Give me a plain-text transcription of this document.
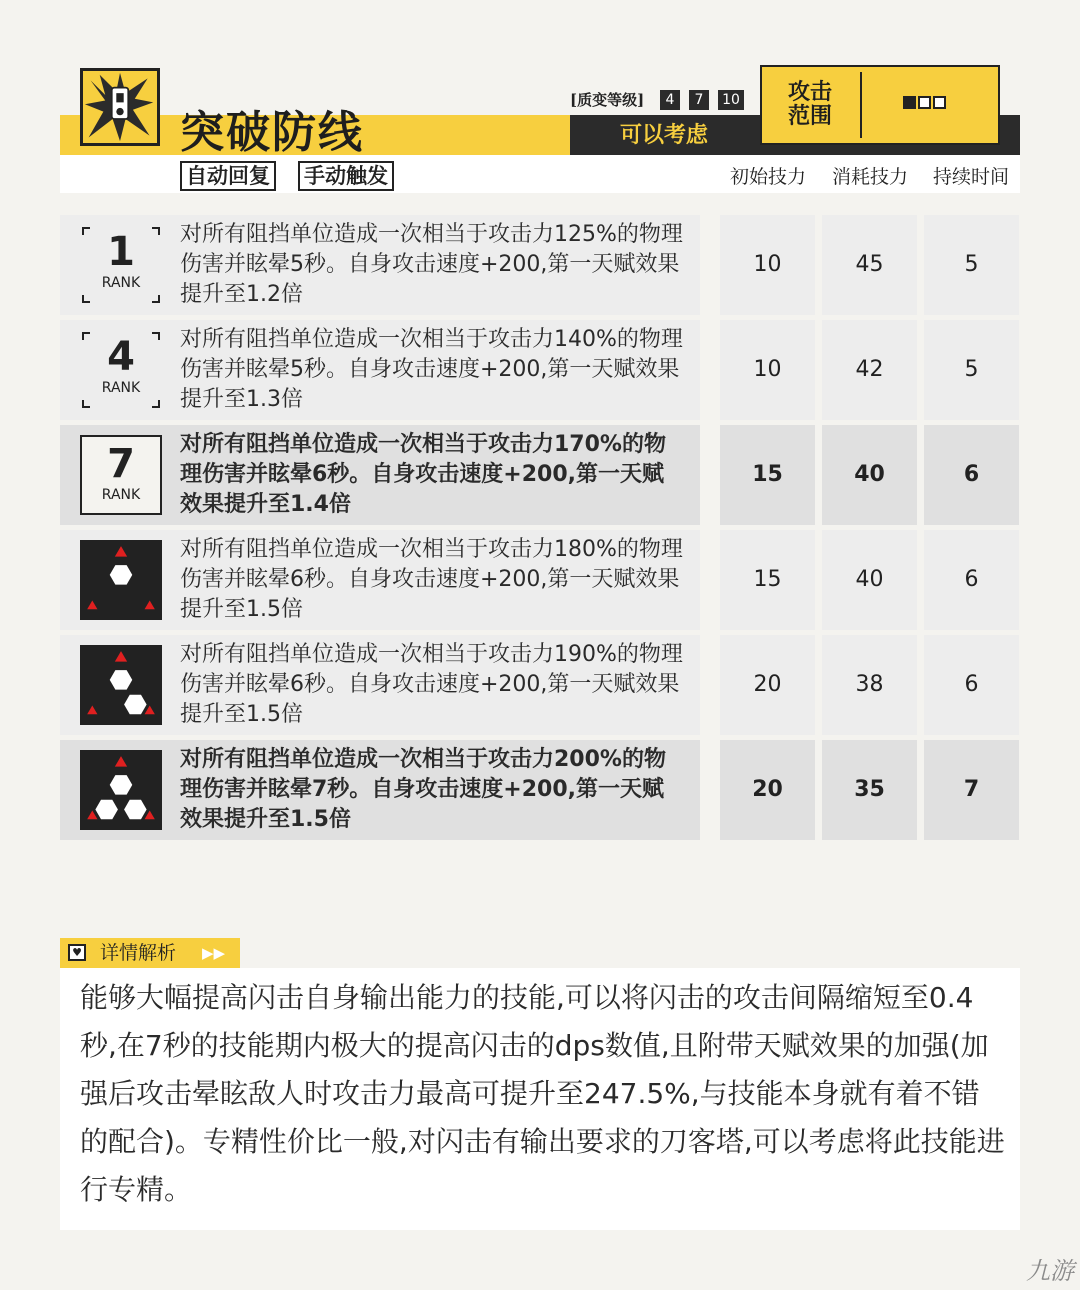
突破防线
自动回复 手动触发
[质变等级]	4	7	10
可以考虑
攻击
范围
初始技力	消耗技力	持续时间
1
RANK
对所有阻挡单位造成一次相当于攻击力125%的物理伤害并眩晕5秒。自身攻击速度+200,第一天赋效果提升至1.2倍
10	45	5
4
RANK
对所有阻挡单位造成一次相当于攻击力140%的物理伤害并眩晕5秒。自身攻击速度+200,第一天赋效果提升至1.3倍
10	42	5
7
RANK
对所有阻挡单位造成一次相当于攻击力170%的物理伤害并眩晕6秒。自身攻击速度+200,第一天赋效果提升至1.4倍
15	40	6
对所有阻挡单位造成一次相当于攻击力180%的物理伤害并眩晕6秒。自身攻击速度+200,第一天赋效果提升至1.5倍
15	40	6
对所有阻挡单位造成一次相当于攻击力190%的物理伤害并眩晕6秒。自身攻击速度+200,第一天赋效果提升至1.5倍
20	38	6
对所有阻挡单位造成一次相当于攻击力200%的物理伤害并眩晕7秒。自身攻击速度+200,第一天赋效果提升至1.5倍
20	35	7
♥ 详情解析 ▶▶
能够大幅提高闪击自身输出能力的技能,可以将闪击的攻击间隔缩短至0.4秒,在7秒的技能期内极大的提高闪击的dps数值,且附带天赋效果的加强(加强后攻击晕眩敌人时攻击力最高可提升至247.5%,与技能本身就有着不错的配合)。专精性价比一般,对闪击有输出要求的刀客塔,可以考虑将此技能进行专精。
九游
